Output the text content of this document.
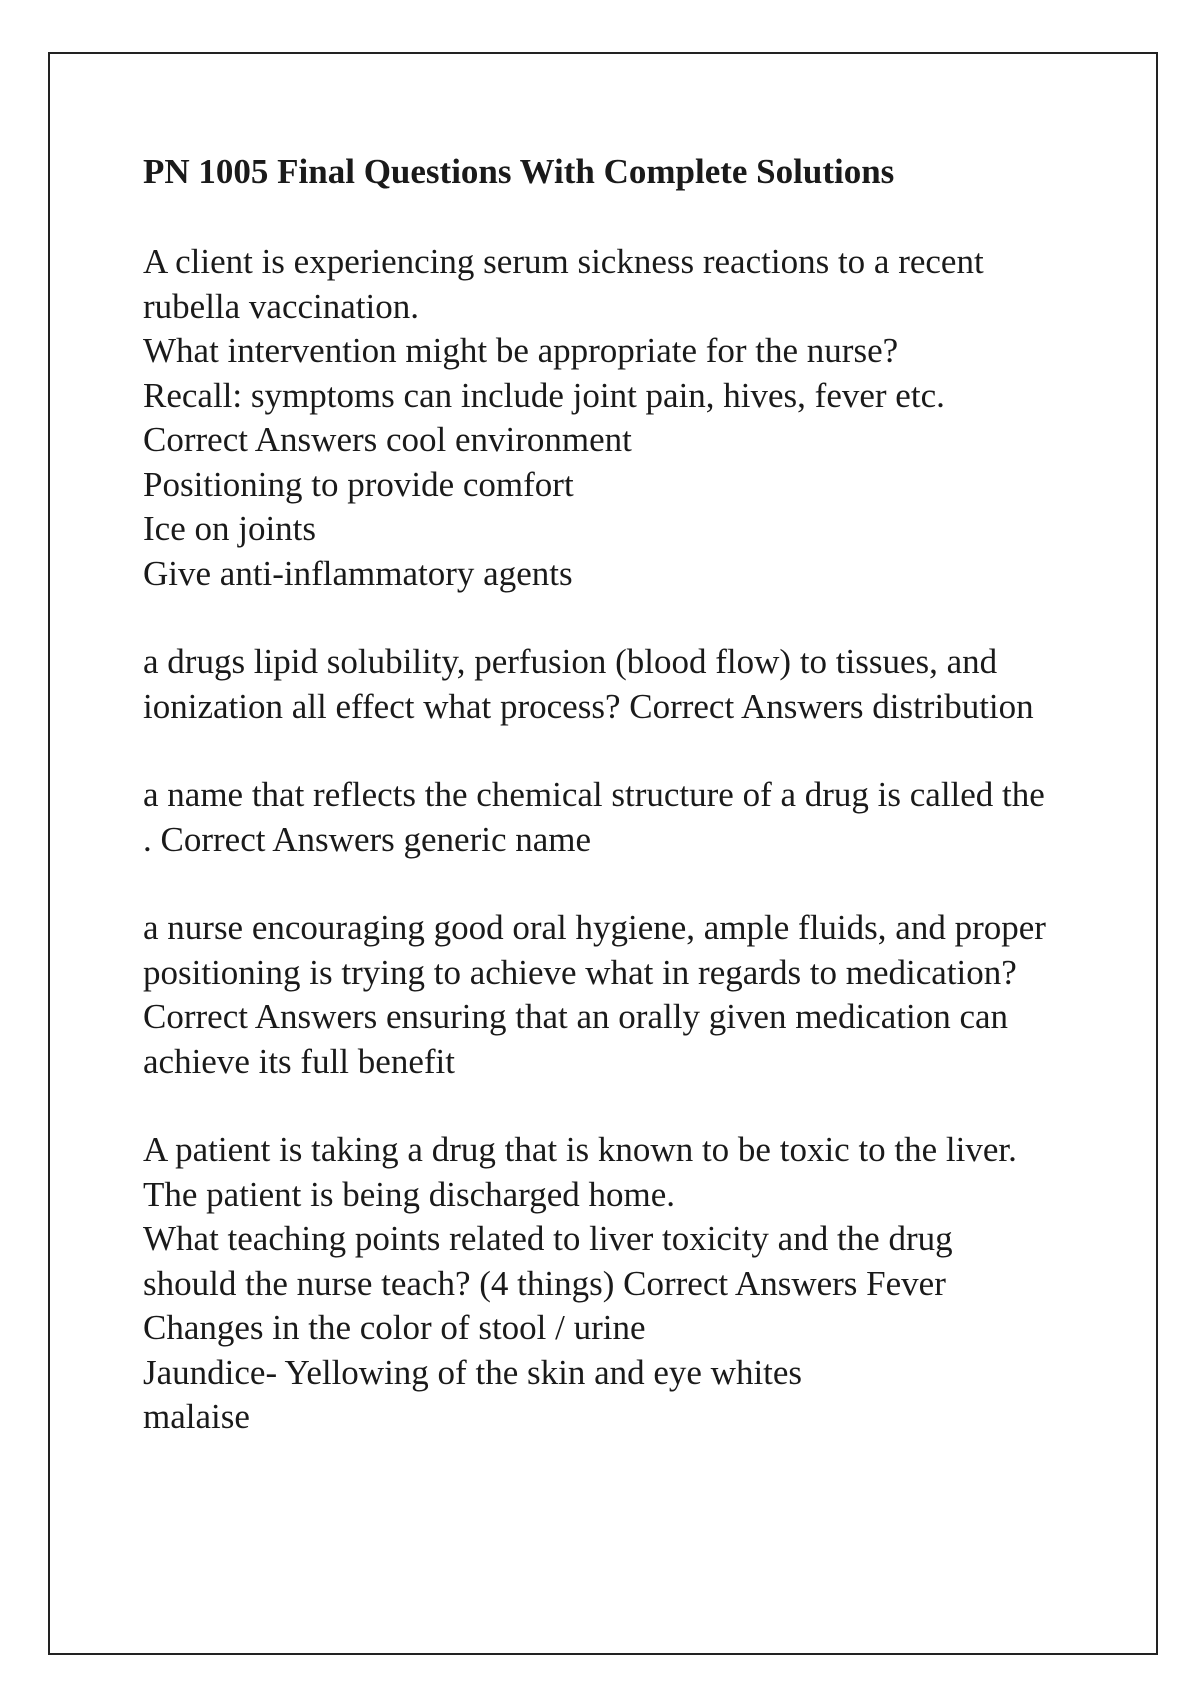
PN 1005 Final Questions With Complete Solutions
A client is experiencing serum sickness reactions to a recent
rubella vaccination.
What intervention might be appropriate for the nurse?
Recall: symptoms can include joint pain, hives, fever etc.
Correct Answers cool environment
Positioning to provide comfort
Ice on joints
Give anti-inflammatory agents
a drugs lipid solubility, perfusion (blood flow) to tissues, and
ionization all effect what process? Correct Answers distribution
a name that reflects the chemical structure of a drug is called the
. Correct Answers generic name
a nurse encouraging good oral hygiene, ample fluids, and proper
positioning is trying to achieve what in regards to medication?
Correct Answers ensuring that an orally given medication can
achieve its full benefit
A patient is taking a drug that is known to be toxic to the liver.
The patient is being discharged home.
What teaching points related to liver toxicity and the drug
should the nurse teach? (4 things) Correct Answers Fever
Changes in the color of stool / urine
Jaundice- Yellowing of the skin and eye whites
malaise
